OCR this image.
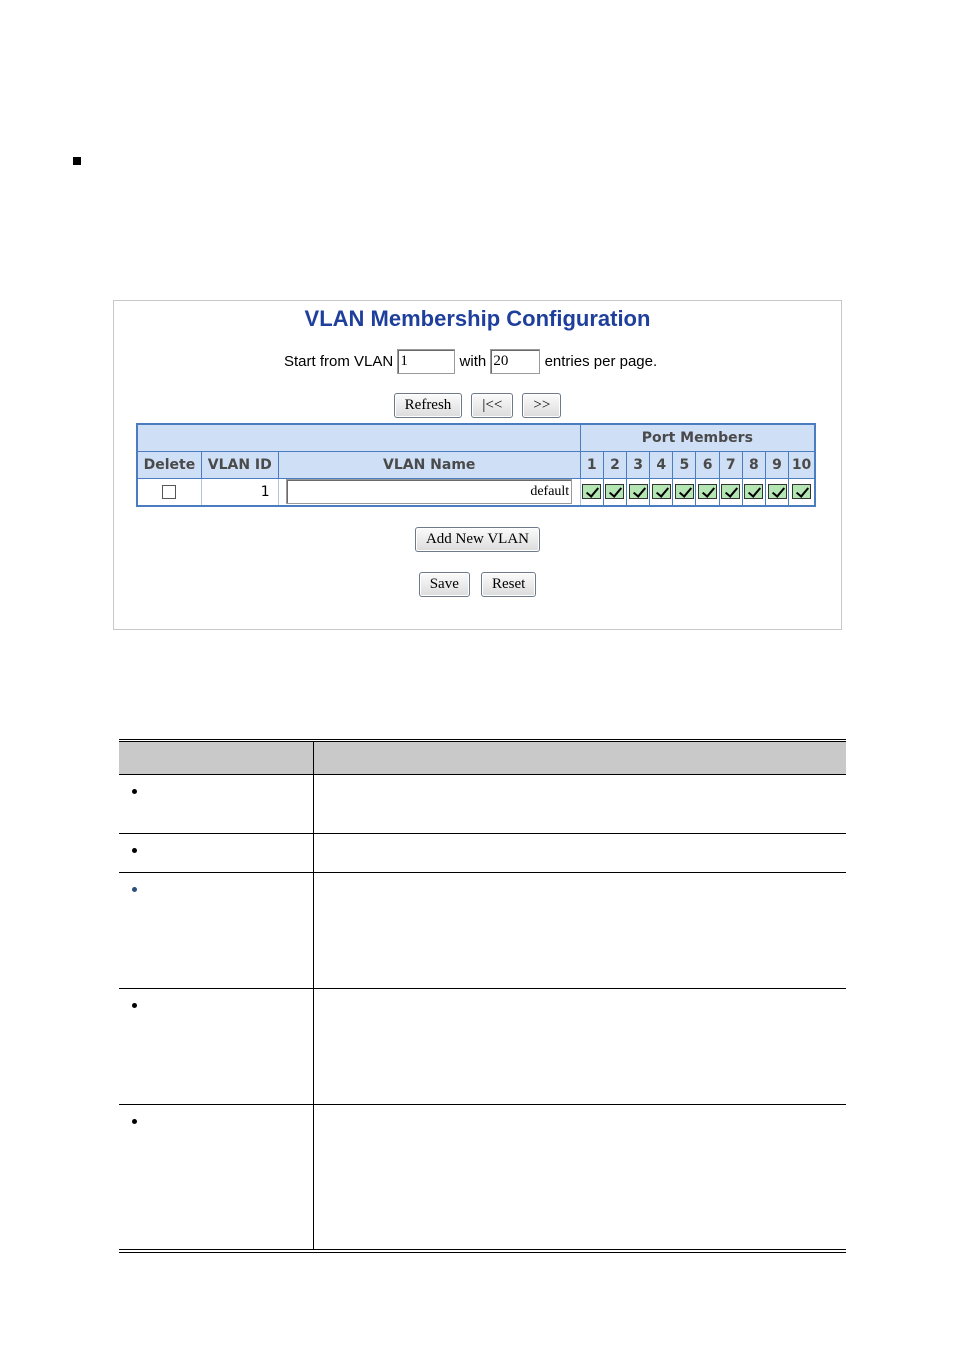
VLAN Membership Configuration
Start from VLAN 1	with 20	entries per page.
Refresh |<< >>
			Port Members									
Delete	VLAN ID	VLAN Name	1	2	3	4	5	6	7	8	9	10
	1	default										
Add New VLAN
Save Reset
